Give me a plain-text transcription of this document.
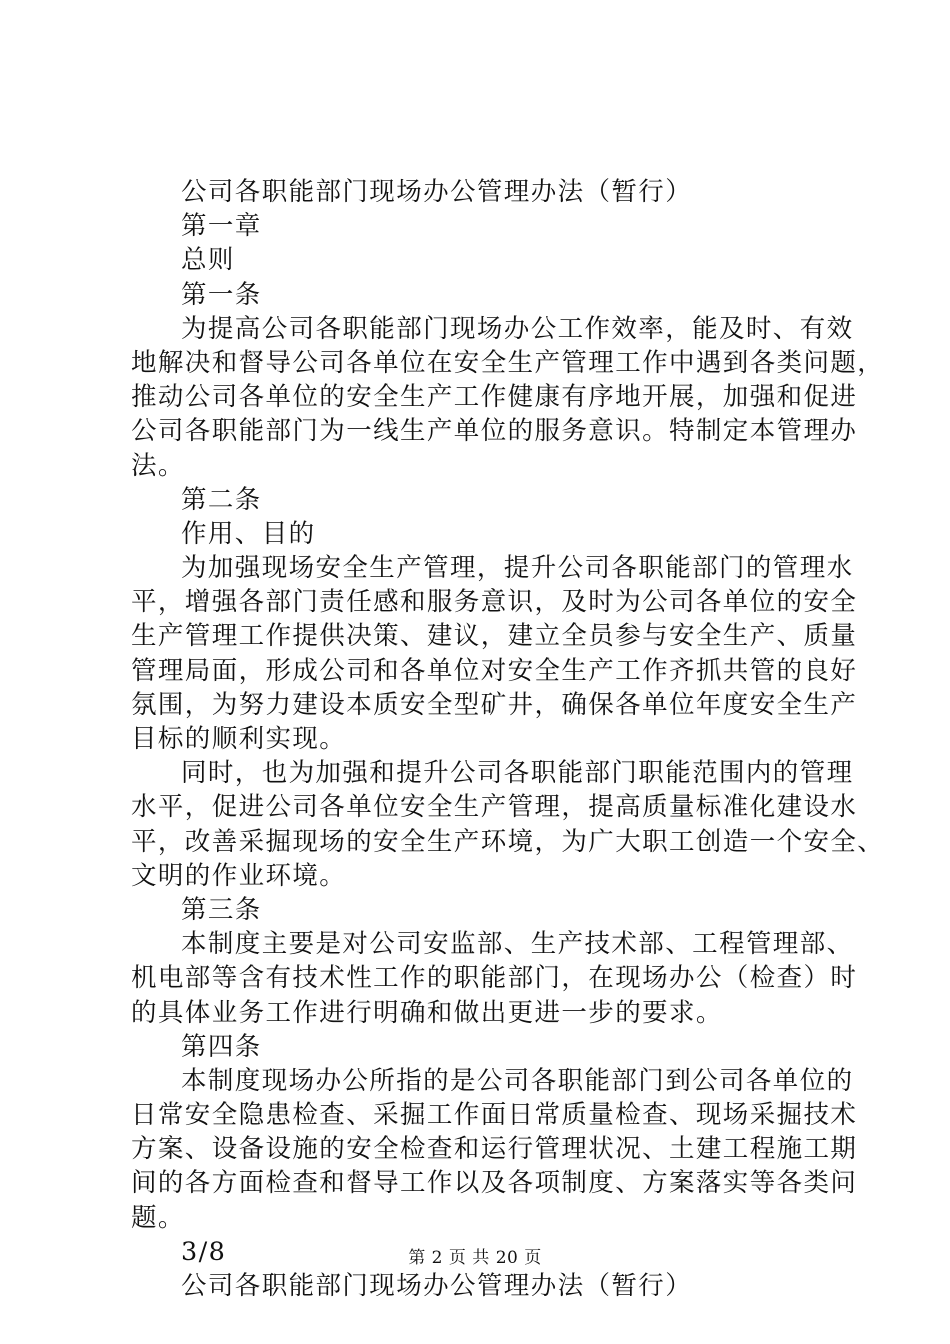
公司各职能部门现场办公管理办法（暂行）
第一章
总则
第一条
为提高公司各职能部门现场办公工作效率，能及时、有效
地解决和督导公司各单位在安全生产管理工作中遇到各类问题，
推动公司各单位的安全生产工作健康有序地开展，加强和促进
公司各职能部门为一线生产单位的服务意识。特制定本管理办
法。
第二条
作用、目的
为加强现场安全生产管理，提升公司各职能部门的管理水
平，增强各部门责任感和服务意识，及时为公司各单位的安全
生产管理工作提供决策、建议，建立全员参与安全生产、质量
管理局面，形成公司和各单位对安全生产工作齐抓共管的良好
氛围，为努力建设本质安全型矿井，确保各单位年度安全生产
目标的顺利实现。
同时，也为加强和提升公司各职能部门职能范围内的管理
水平，促进公司各单位安全生产管理，提高质量标准化建设水
平，改善采掘现场的安全生产环境，为广大职工创造一个安全、
文明的作业环境。
第三条
本制度主要是对公司安监部、生产技术部、工程管理部、
机电部等含有技术性工作的职能部门，在现场办公（检查）时
的具体业务工作进行明确和做出更进一步的要求。
第四条
本制度现场办公所指的是公司各职能部门到公司各单位的
日常安全隐患检查、采掘工作面日常质量检查、现场采掘技术
方案、设备设施的安全检查和运行管理状况、土建工程施工期
间的各方面检查和督导工作以及各项制度、方案落实等各类问
题。
3/8
公司各职能部门现场办公管理办法（暂行）
第 2 页 共 20 页
